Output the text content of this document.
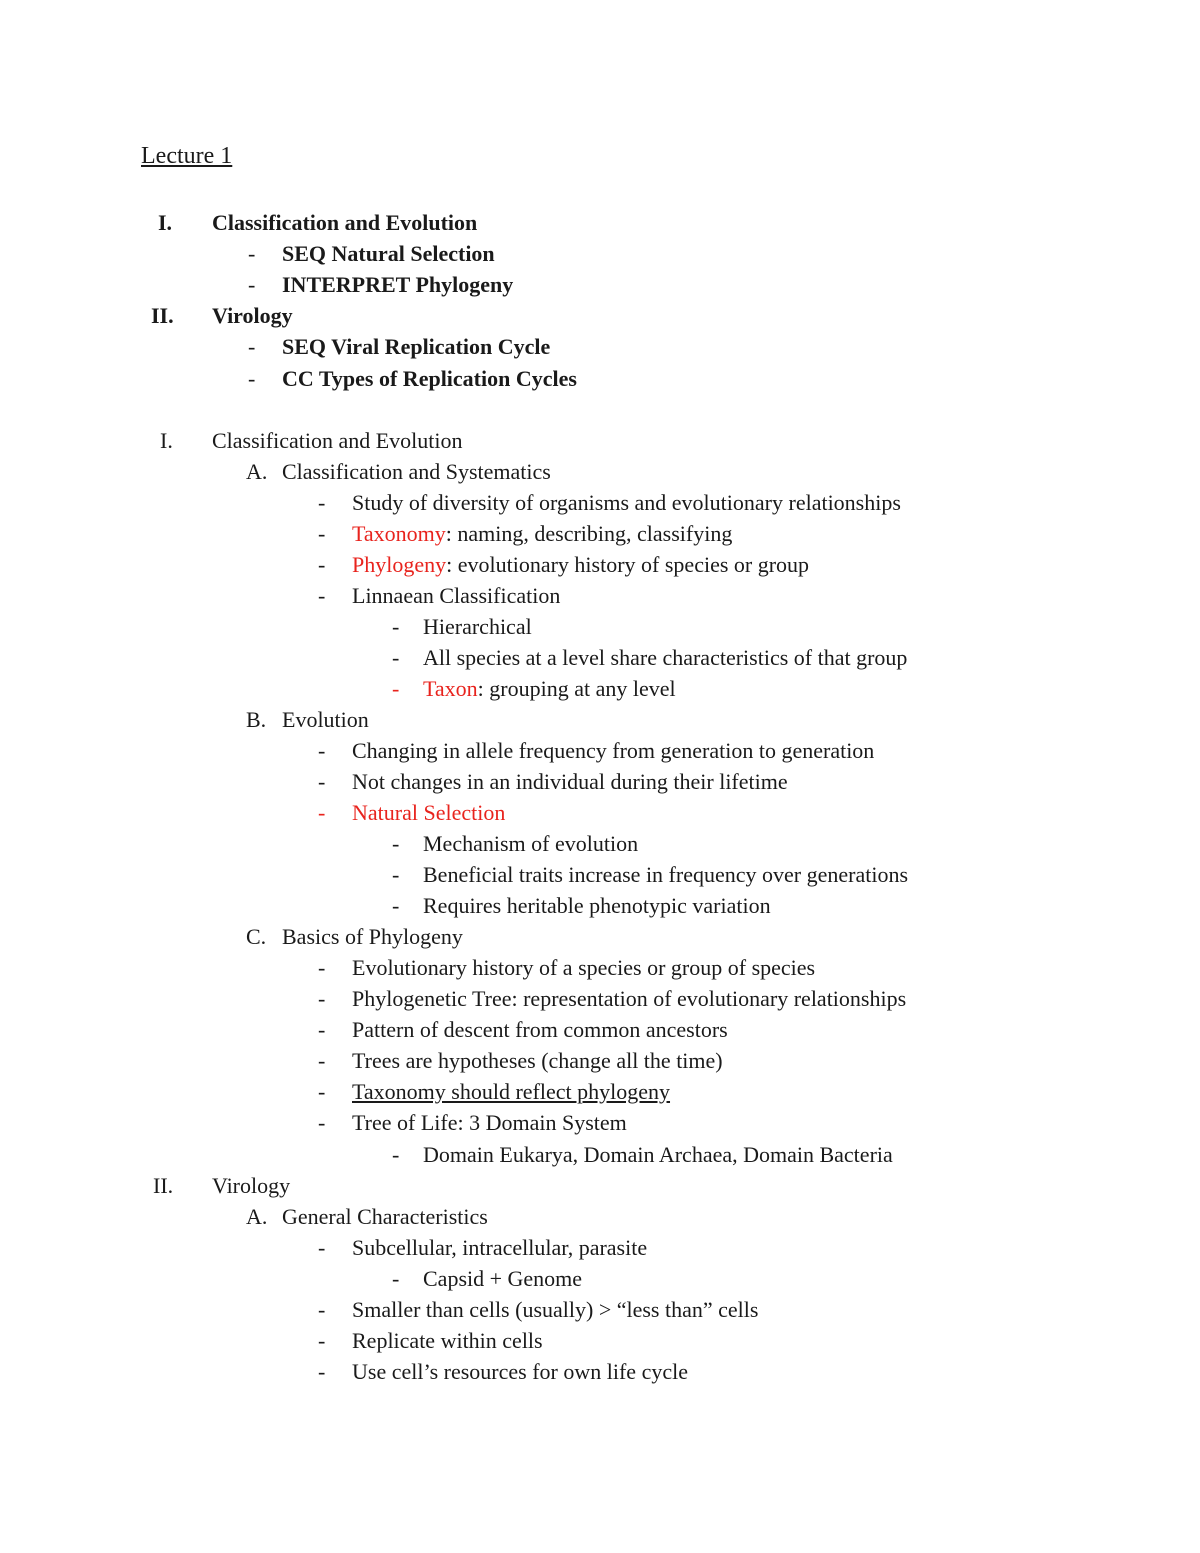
Lecture 1
I. Classification and Evolution
- SEQ Natural Selection
- INTERPRET Phylogeny
II. Virology
- SEQ Viral Replication Cycle
- CC Types of Replication Cycles
I. Classification and Evolution
A. Classification and Systematics
- Study of diversity of organisms and evolutionary relationships
- Taxonomy: naming, describing, classifying
- Phylogeny: evolutionary history of species or group
- Linnaean Classification
- Hierarchical
- All species at a level share characteristics of that group
- Taxon: grouping at any level
B. Evolution
- Changing in allele frequency from generation to generation
- Not changes in an individual during their lifetime
- Natural Selection
- Mechanism of evolution
- Beneficial traits increase in frequency over generations
- Requires heritable phenotypic variation
C. Basics of Phylogeny
- Evolutionary history of a species or group of species
- Phylogenetic Tree: representation of evolutionary relationships
- Pattern of descent from common ancestors
- Trees are hypotheses (change all the time)
- Taxonomy should reflect phylogeny
- Tree of Life: 3 Domain System
- Domain Eukarya, Domain Archaea, Domain Bacteria
II. Virology
A. General Characteristics
- Subcellular, intracellular, parasite
- Capsid + Genome
- Smaller than cells (usually) > “less than” cells
- Replicate within cells
- Use cell’s resources for own life cycle
